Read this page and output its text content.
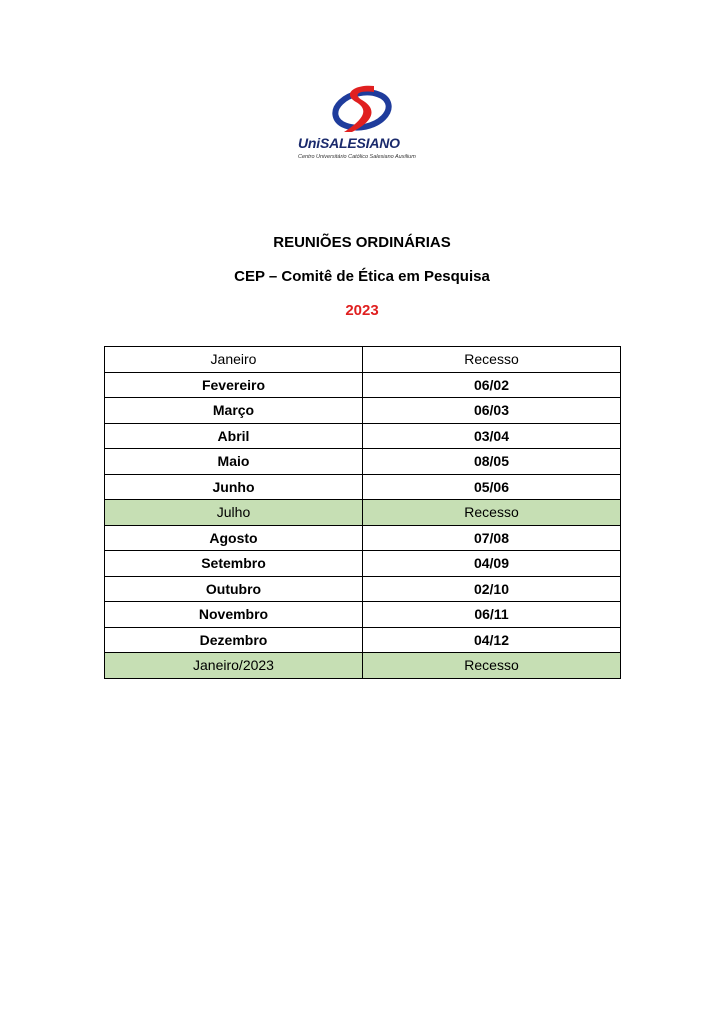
UniSALESIANO
Centro Universitário Católico Salesiano Auxilium
REUNIÕES ORDINÁRIAS
CEP – Comitê de Ética em Pesquisa
2023
Janeiro	Recesso
Fevereiro	06/02
Março	06/03
Abril	03/04
Maio	08/05
Junho	05/06
Julho	Recesso
Agosto	07/08
Setembro	04/09
Outubro	02/10
Novembro	06/11
Dezembro	04/12
Janeiro/2023	Recesso
